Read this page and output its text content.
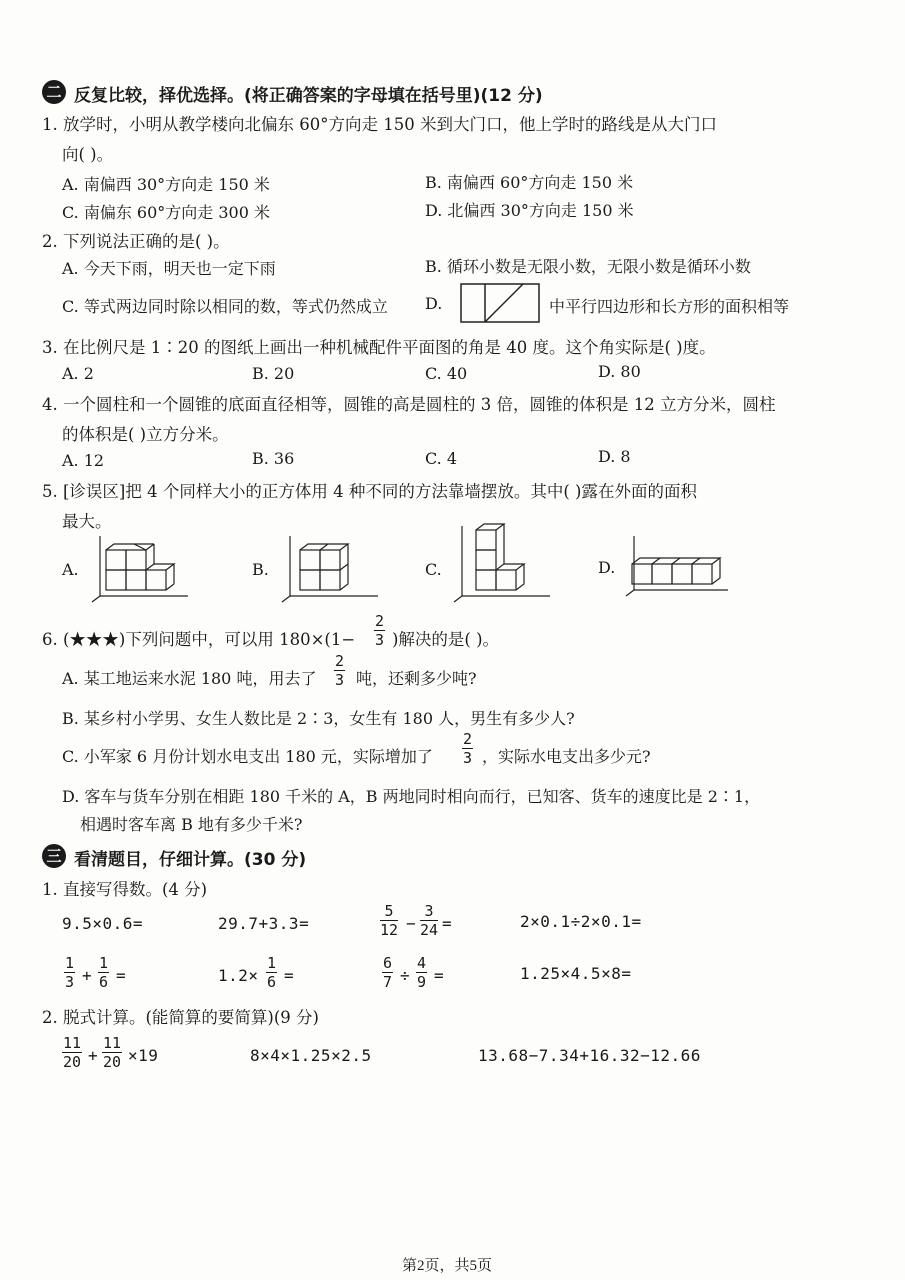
二 反复比较，择优选择。(将正确答案的字母填在括号里)(12 分)
1. 放学时，小明从教学楼向北偏东 60°方向走 150 米到大门口，他上学时的路线是从大门口
向( )。
A. 南偏西 30°方向走 150 米	B. 南偏西 60°方向走 150 米
C. 南偏东 60°方向走 300 米	D. 北偏西 30°方向走 150 米
2. 下列说法正确的是( )。
A. 今天下雨，明天也一定下雨	B. 循环小数是无限小数，无限小数是循环小数
C. 等式两边同时除以相同的数，等式仍然成立 D.	中平行四边形和长方形的面积相等
3. 在比例尺是 1∶20 的图纸上画出一种机械配件平面图的角是 40 度。这个角实际是( )度。
A. 2	B. 20	C. 40	D. 80
4. 一个圆柱和一个圆锥的底面直径相等，圆锥的高是圆柱的 3 倍，圆锥的体积是 12 立方分米，圆柱
的体积是( )立方分米。
A. 12	B. 36	C. 4	D. 8
5. [诊误区]把 4 个同样大小的正方体用 4 种不同的方法靠墙摆放。其中( )露在外面的面积
最大。
A.	B.	C.	D.
6. (★★★)下列问题中，可以用 $180\times(1- \frac{2}{3}$ )解决的是( )。
A. 某工地运来水泥 180 吨，用去了 $\frac{2}{3}$ 吨，还剩多少吨?
B. 某乡村小学男、女生人数比是 2∶3，女生有 180 人，男生有多少人?
C. 小军家 6 月份计划水电支出 180 元，实际增加了 $\frac{2}{3}$ ，实际水电支出多少元?
D. 客车与货车分别在相距 180 千米的 A，B 两地同时相向而行，已知客、货车的速度比是 2∶1，
相遇时客车离 B 地有多少千米?
三 看清题目，仔细计算。(30 分)
1. 直接写得数。(4 分)
9.5×0.6=	29.7+3.3=	$\frac{5}{12} - \frac{3}{24}$ =	2×0.1÷2×0.1=
$\frac{1}{3} + \frac{1}{6}$ =	$1.2\times \frac{1}{6}$ =	$\frac{6}{7} \div \frac{4}{9}$ =	1.25×4.5×8=
2. 脱式计算。(能简算的要简算)(9 分)
$\frac{11}{20} + \frac{11}{20} \times 19$	8×4×1.25×2.5	13.68−7.34+16.32−12.66
第2页，共5页
